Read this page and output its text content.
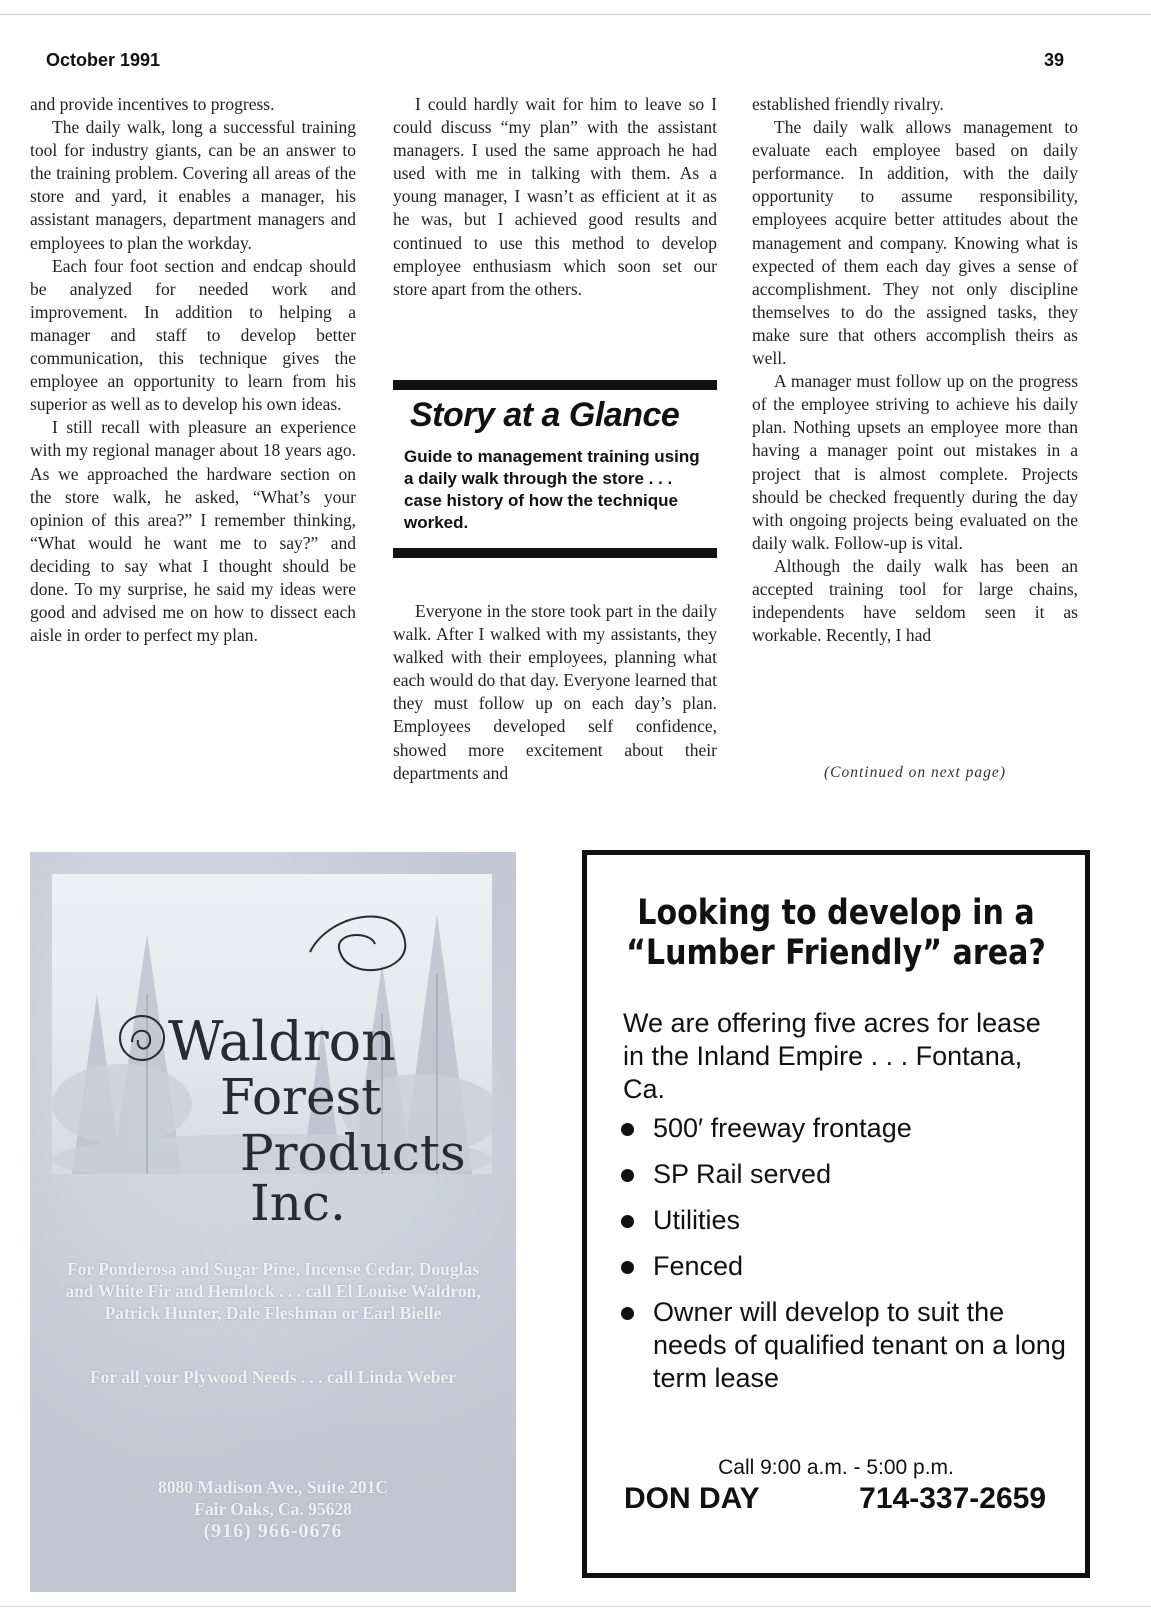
October 1991	39

and provide incentives to progress.

The daily walk, long a successful training tool for industry giants, can be an answer to the training problem. Covering all areas of the store and yard, it enables a manager, his assistant managers, department managers and employees to plan the workday.

Each four foot section and endcap should be analyzed for needed work and improvement. In addition to helping a manager and staff to develop better communication, this technique gives the employee an opportunity to learn from his superior as well as to develop his own ideas.

I still recall with pleasure an experience with my regional manager about 18 years ago. As we approached the hardware section on the store walk, he asked, “What’s your opinion of this area?” I remember thinking, “What would he want me to say?” and deciding to say what I thought should be done. To my surprise, he said my ideas were good and advised me on how to dissect each aisle in order to perfect my plan.

I could hardly wait for him to leave so I could discuss “my plan” with the assistant managers. I used the same approach he had used with me in talking with them. As a young manager, I wasn’t as efficient at it as he was, but I achieved good results and continued to use this method to develop employee enthusiasm which soon set our store apart from the others.

Story at a Glance
Guide to management training using a daily walk through the store . . . case history of how the technique worked.

Everyone in the store took part in the daily walk. After I walked with my assistants, they walked with their employees, planning what each would do that day. Everyone learned that they must follow up on each day’s plan. Employees developed self confidence, showed more excitement about their departments and

established friendly rivalry.

The daily walk allows management to evaluate each employee based on daily performance. In addition, with the daily opportunity to assume responsibility, employees acquire better attitudes about the management and company. Knowing what is expected of them each day gives a sense of accomplishment. They not only discipline themselves to do the assigned tasks, they make sure that others accomplish theirs as well.

A manager must follow up on the progress of the employee striving to achieve his daily plan. Nothing upsets an employee more than having a manager point out mistakes in a project that is almost complete. Projects should be checked frequently during the day with ongoing projects being evaluated on the daily walk. Follow-up is vital.

Although the daily walk has been an accepted training tool for large chains, independents have seldom seen it as workable. Recently, I had

(Continued on next page)
Waldron
Forest
Products
Inc.
For Ponderosa and Sugar Pine, Incense Cedar, Douglas and White Fir and Hemlock . . . call El Louise Waldron, Patrick Hunter, Dale Fleshman or Earl Bielle
For all your Plywood Needs . . . call Linda Weber
8080 Madison Ave., Suite 201C
Fair Oaks, Ca. 95628
(916) 966-0676
Looking to develop in a
“Lumber Friendly” area?
We are offering five acres for lease in the Inland Empire . . . Fontana, Ca.
500′ freeway frontage
SP Rail served
Utilities
Fenced
Owner will develop to suit the needs of qualified tenant on a long term lease
Call 9:00 a.m. - 5:00 p.m.
DON DAY	714-337-2659
